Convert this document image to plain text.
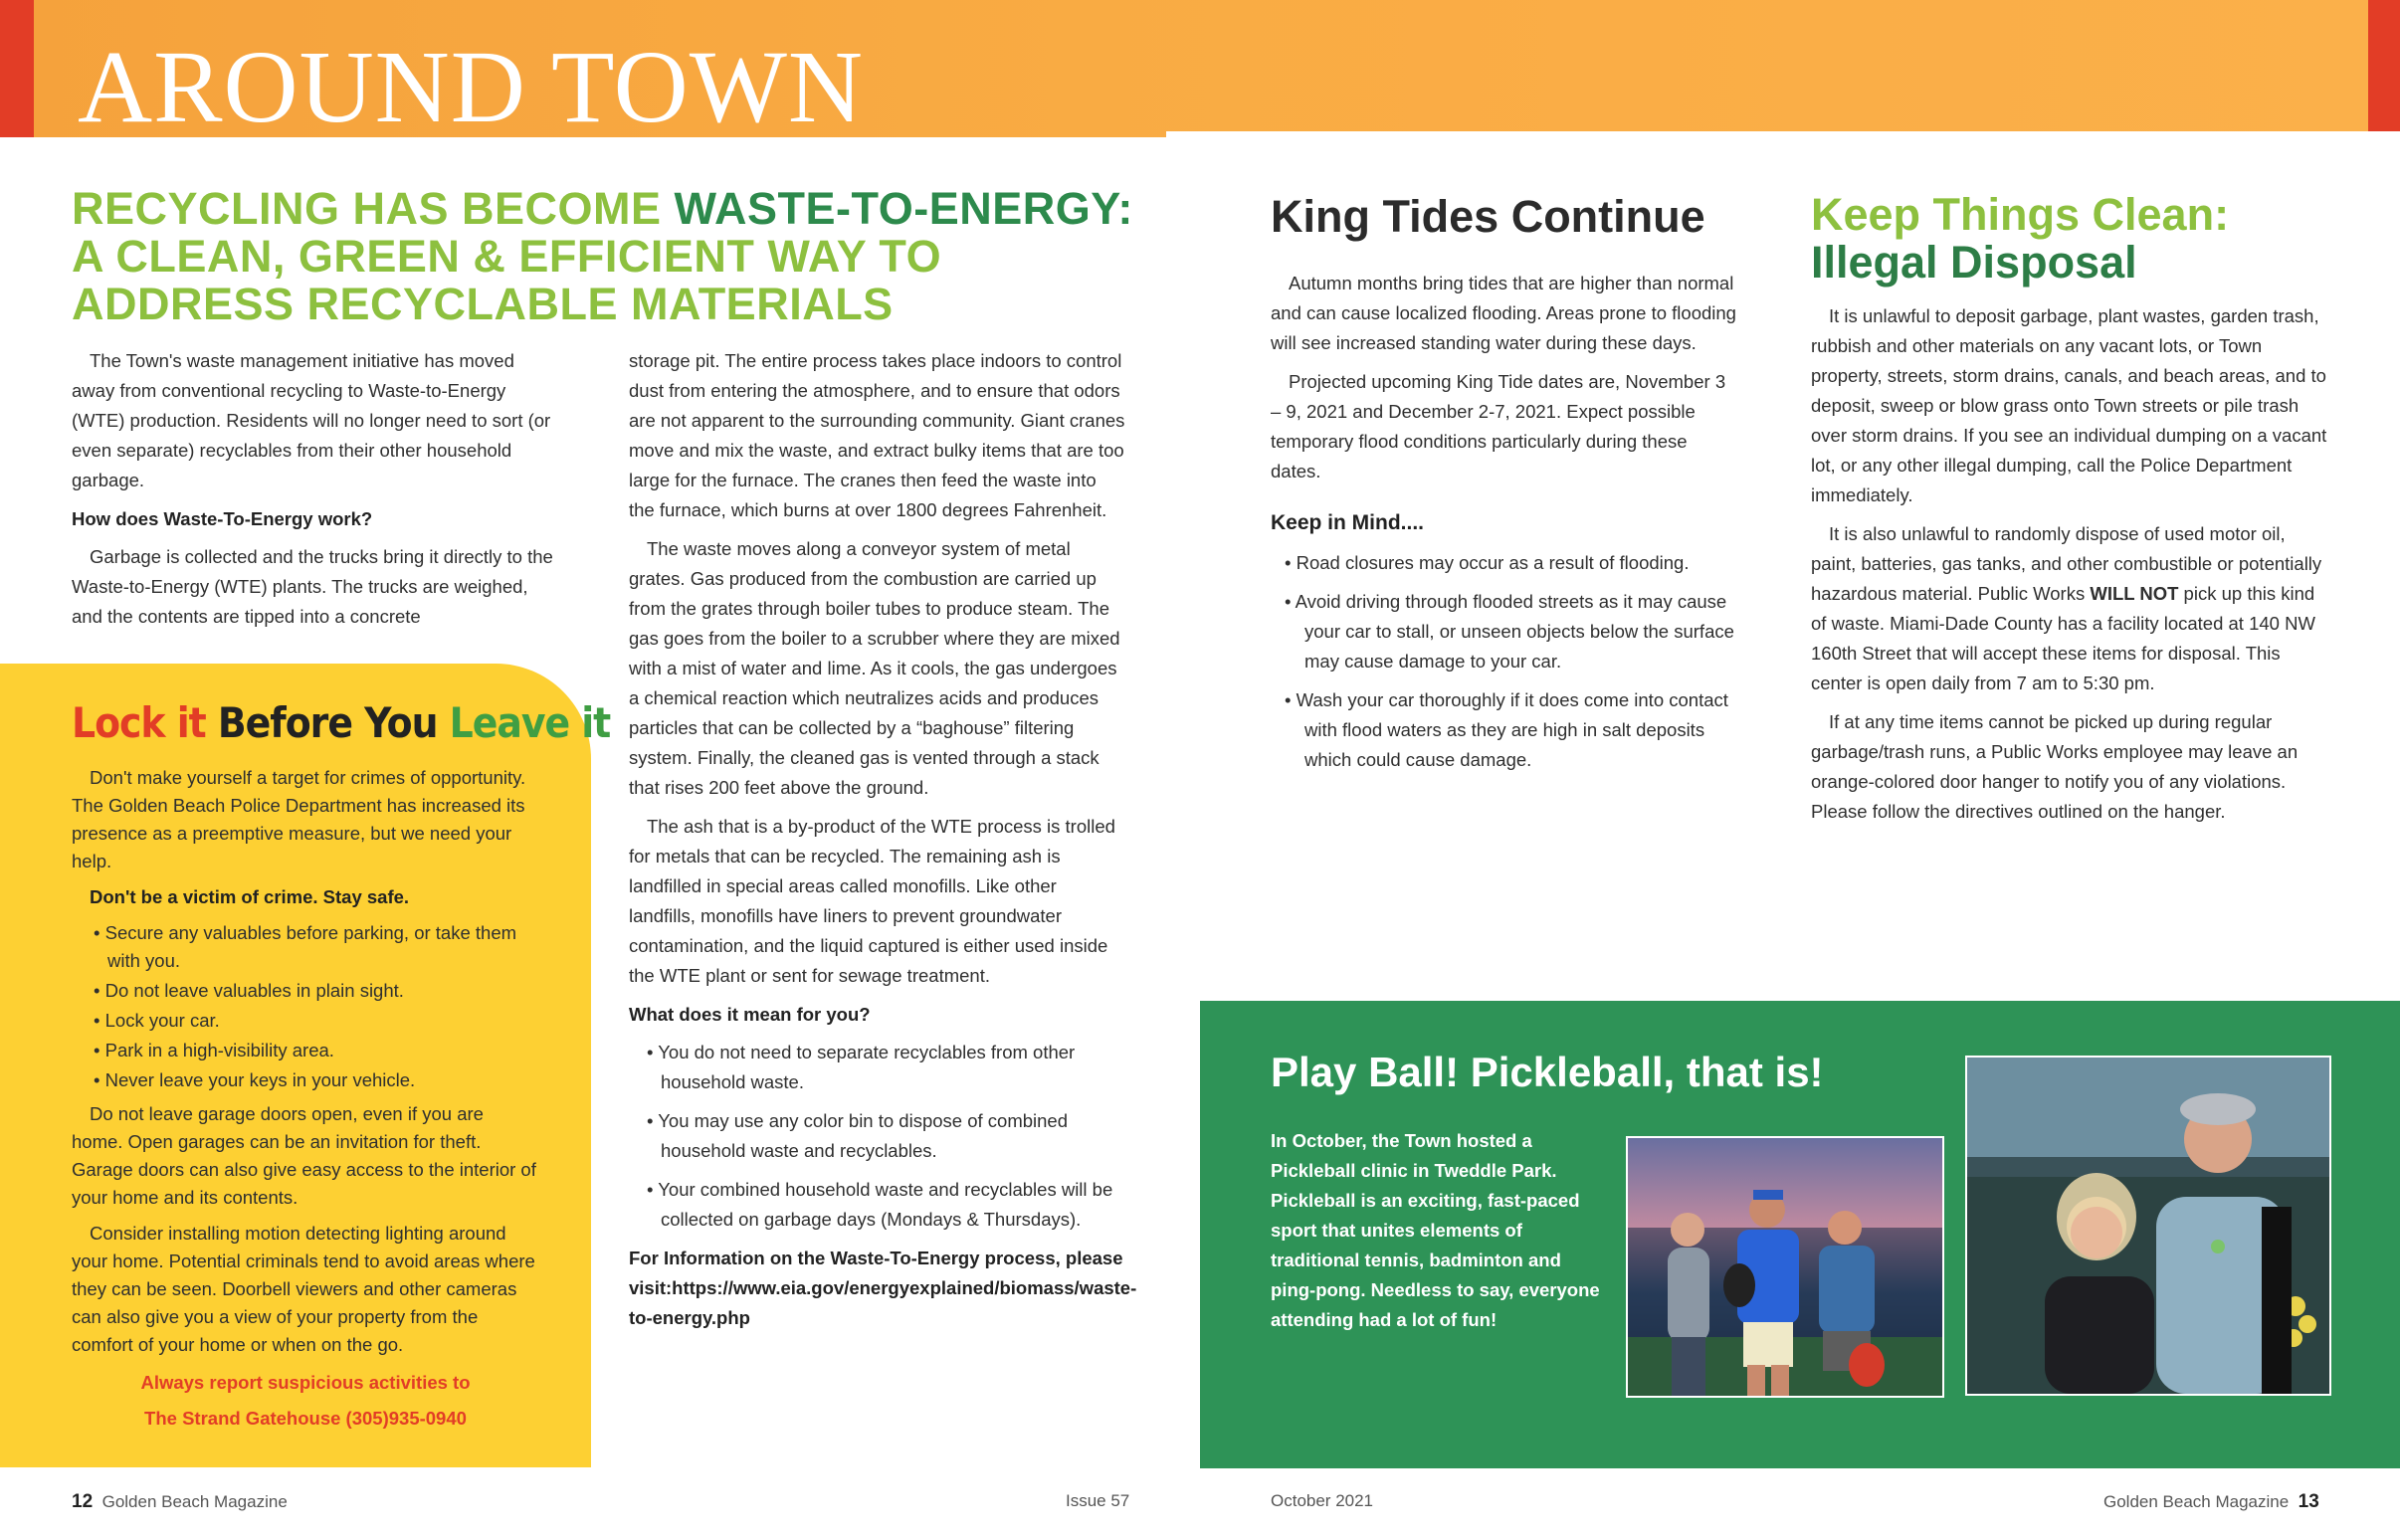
AROUND TOWN
RECYCLING HAS BECOME WASTE-TO-ENERGY:
A CLEAN, GREEN & EFFICIENT WAY TO ADDRESS RECYCLABLE MATERIALS

The Town's waste management initiative has moved away from conventional recycling to Waste-to-Energy (WTE) production. Residents will no longer need to sort (or even separate) recyclables from their other household garbage.

How does Waste-To-Energy work?

Garbage is collected and the trucks bring it directly to the Waste-to-Energy (WTE) plants. The trucks are weighed, and the contents are tipped into a concrete

storage pit. The entire process takes place indoors to control dust from entering the atmosphere, and to ensure that odors are not apparent to the surrounding community. Giant cranes move and mix the waste, and extract bulky items that are too large for the furnace. The cranes then feed the waste into the furnace, which burns at over 1800 degrees Fahrenheit.

The waste moves along a conveyor system of metal grates. Gas produced from the combustion are carried up from the grates through boiler tubes to produce steam. The gas goes from the boiler to a scrubber where they are mixed with a mist of water and lime. As it cools, the gas undergoes a chemical reaction which neutralizes acids and produces particles that can be collected by a “baghouse” filtering system. Finally, the cleaned gas is vented through a stack that rises 200 feet above the ground.

The ash that is a by-product of the WTE process is trolled for metals that can be recycled. The remaining ash is landfilled in special areas called monofills. Like other landfills, monofills have liners to prevent groundwater contamination, and the liquid captured is either used inside the WTE plant or sent for sewage treatment.

What does it mean for you?

• You do not need to separate recyclables from other household waste.
• You may use any color bin to dispose of combined household waste and recyclables.
• Your combined household waste and recyclables will be collected on garbage days (Mondays & Thursdays).

For Information on the Waste-To-Energy process, please visit:https://www.eia.gov/energyexplained/biomass/waste-to-energy.php

Lock it Before You Leave it

Don't make yourself a target for crimes of opportunity. The Golden Beach Police Department has increased its presence as a preemptive measure, but we need your help.

Don't be a victim of crime. Stay safe.

• Secure any valuables before parking, or take them with you.
• Do not leave valuables in plain sight.
• Lock your car.
• Park in a high-visibility area.
• Never leave your keys in your vehicle.

Do not leave garage doors open, even if you are home. Open garages can be an invitation for theft. Garage doors can also give easy access to the interior of your home and its contents.

Consider installing motion detecting lighting around your home. Potential criminals tend to avoid areas where they can be seen. Doorbell viewers and other cameras can also give you a view of your property from the comfort of your home or when on the go.

Always report suspicious activities to

The Strand Gatehouse (305)935-0940

King Tides Continue

Autumn months bring tides that are higher than normal and can cause localized flooding. Areas prone to flooding will see increased standing water during these days.

Projected upcoming King Tide dates are, November 3 – 9, 2021 and December 2-7, 2021. Expect possible temporary flood conditions particularly during these dates.

Keep in Mind....

• Road closures may occur as a result of flooding.
• Avoid driving through flooded streets as it may cause your car to stall, or unseen objects below the surface may cause damage to your car.
• Wash your car thoroughly if it does come into contact with flood waters as they are high in salt deposits which could cause damage.
Keep Things Clean:
Illegal Disposal

It is unlawful to deposit garbage, plant wastes, garden trash, rubbish and other materials on any vacant lots, or Town property, streets, storm drains, canals, and beach areas, and to deposit, sweep or blow grass onto Town streets or pile trash over storm drains. If you see an individual dumping on a vacant lot, or any other illegal dumping, call the Police Department immediately.

It is also unlawful to randomly dispose of used motor oil, paint, batteries, gas tanks, and other combustible or potentially hazardous material. Public Works WILL NOT pick up this kind of waste. Miami-Dade County has a facility located at 140 NW 160th Street that will accept these items for disposal. This center is open daily from 7 am to 5:30 pm.

If at any time items cannot be picked up during regular garbage/trash runs, a Public Works employee may leave an orange-colored door hanger to notify you of any violations. Please follow the directives outlined on the hanger.

Play Ball! Pickleball, that is!
In October, the Town hosted a Pickleball clinic in Tweddle Park. Pickleball is an exciting, fast-paced sport that unites elements of traditional tennis, badminton and ping-pong. Needless to say, everyone attending had a lot of fun!
12 Golden Beach Magazine	Issue 57	October 2021	Golden Beach Magazine 13
